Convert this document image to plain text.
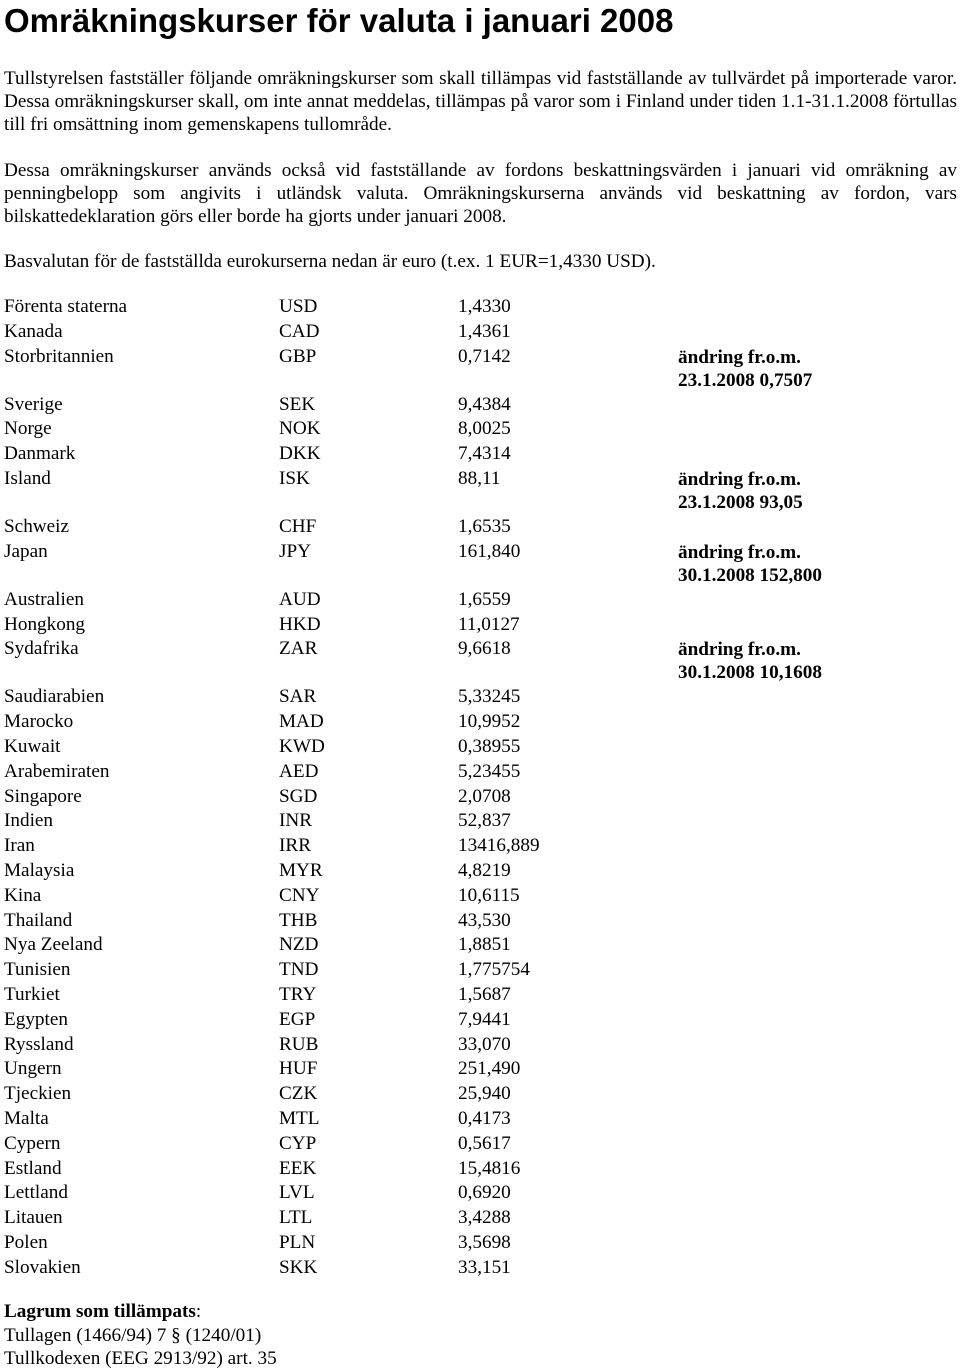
Omräkningskurser för valuta i januari 2008

Tullstyrelsen fastställer följande omräkningskurser som skall tillämpas vid fastställande av tullvärdet på importerade varor. Dessa omräkningskurser skall, om inte annat meddelas, tillämpas på varor som i Finland under tiden 1.1-31.1.2008 förtullas till fri omsättning inom gemenskapens tullområde.

Dessa omräkningskurser används också vid fastställande av fordons beskattningsvärden i januari vid omräkning av penningbelopp som angivits i utländsk valuta. Omräkningskurserna används vid beskattning av fordon, vars bilskattedeklaration görs eller borde ha gjorts under januari 2008.

Basvalutan för de fastställda eurokurserna nedan är euro (t.ex. 1 EUR=1,4330 USD).

Förenta staterna	USD	1,4330
Kanada	CAD	1,4361
Storbritannien	GBP	0,7142	ändring fr.o.m.
23.1.2008 0,7507
Sverige	SEK	9,4384
Norge	NOK	8,0025
Danmark	DKK	7,4314
Island	ISK	88,11	ändring fr.o.m.
23.1.2008 93,05
Schweiz	CHF	1,6535
Japan	JPY	161,840	ändring fr.o.m.
30.1.2008 152,800
Australien	AUD	1,6559
Hongkong	HKD	11,0127
Sydafrika	ZAR	9,6618	ändring fr.o.m.
30.1.2008 10,1608
Saudiarabien	SAR	5,33245
Marocko	MAD	10,9952
Kuwait	KWD	0,38955
Arabemiraten	AED	5,23455
Singapore	SGD	2,0708
Indien	INR	52,837
Iran	IRR	13416,889
Malaysia	MYR	4,8219
Kina	CNY	10,6115
Thailand	THB	43,530
Nya Zeeland	NZD	1,8851
Tunisien	TND	1,775754
Turkiet	TRY	1,5687
Egypten	EGP	7,9441
Ryssland	RUB	33,070
Ungern	HUF	251,490
Tjeckien	CZK	25,940
Malta	MTL	0,4173
Cypern	CYP	0,5617
Estland	EEK	15,4816
Lettland	LVL	0,6920
Litauen	LTL	3,4288
Polen	PLN	3,5698
Slovakien	SKK	33,151
Lagrum som tillämpats:
Tullagen (1466/94) 7 § (1240/01)
Tullkodexen (EEG 2913/92) art. 35
